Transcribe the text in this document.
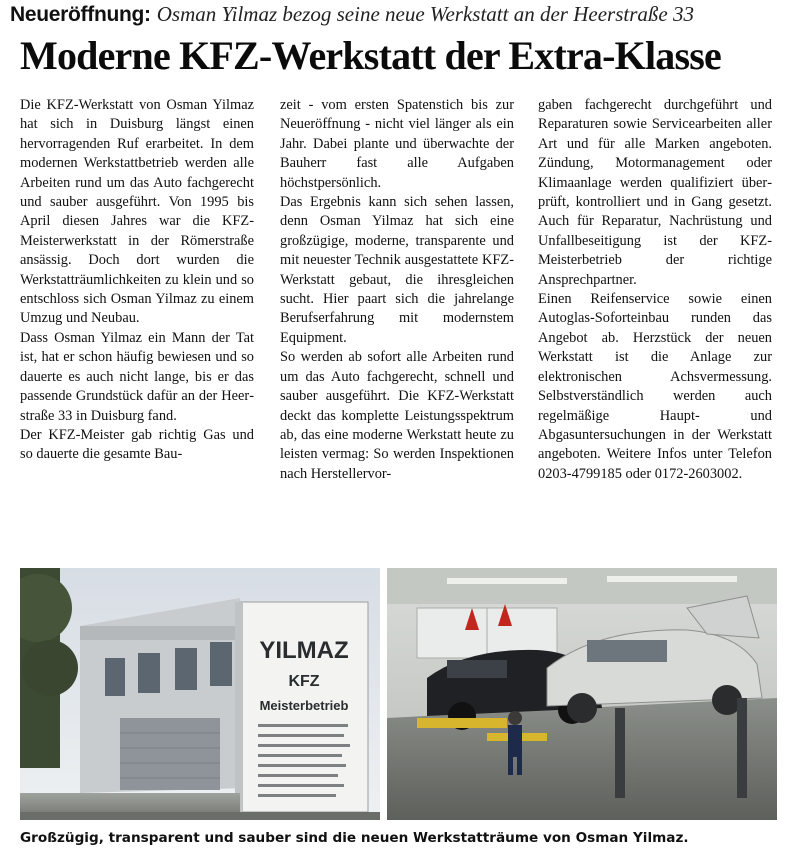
Neueröffnung: Osman Yilmaz bezog seine neue Werkstatt an der Heerstraße 33
Moderne KFZ-Werkstatt der Extra-Klasse

Die KFZ-Werkstatt von Osman Yilmaz hat sich in Duisburg längst einen hervorragenden Ruf erarbeitet. In dem modernen Werkstattbetrieb werden alle Arbeiten rund um das Auto fachgerecht und sauber ausgeführt. Von 1995 bis April diesen Jahres war die KFZ-Meisterwerkstatt in der Römerstraße ansässig. Doch dort wurden die Werkstatträumlichkeiten zu klein und so entschloss sich Osman Yilmaz zu einem Umzug und Neubau.

Dass Osman Yilmaz ein Mann der Tat ist, hat er schon häufig bewiesen und so dauerte es auch nicht lange, bis er das passende Grundstück dafür an der Heerstraße 33 in Duisburg fand.

Der KFZ-Meister gab richtig Gas und so dauerte die gesamte Bau-

zeit - vom ersten Spatenstich bis zur Neueröffnung - nicht viel länger als ein Jahr. Dabei plante und überwachte der Bauherr fast alle Aufgaben höchstpersönlich.

Das Ergebnis kann sich sehen lassen, denn Osman Yilmaz hat sich eine großzügige, moderne, transparente und mit neuester Technik ausgestattete KFZ-Werkstatt gebaut, die ihresgleichen sucht. Hier paart sich die jahrelange Berufserfahrung mit modernstem Equipment.

So werden ab sofort alle Arbeiten rund um das Auto fachgerecht, schnell und sauber ausgeführt. Die KFZ-Werkstatt deckt das komplette Leistungsspektrum ab, das eine moderne Werkstatt heute zu leisten vermag: So werden Inspektionen nach Herstellervor-

gaben fachgerecht durchgeführt und Reparaturen sowie Servicearbeiten aller Art und für alle Marken angeboten. Zündung, Motormanagement oder Klimaanlage werden qualifiziert überprüft, kontrolliert und in Gang gesetzt. Auch für Reparatur, Nachrüstung und Unfallbeseitigung ist der KFZ-Meisterbetrieb der richtige Ansprechpartner.

Einen Reifenservice sowie einen Autoglas-Soforteinbau runden das Angebot ab. Herzstück der neuen Werkstatt ist die Anlage zur elektronischen Achsvermessung. Selbstverständlich werden auch regelmäßige Haupt- und Abgasuntersuchungen in der Werkstatt angeboten. Weitere Infos unter Telefon 0203-4799185 oder 0172-2603002.

YILMAZ
KFZ
Meisterbetrieb
Großzügig, transparent und sauber sind die neuen Werkstatträume von Osman Yilmaz.
